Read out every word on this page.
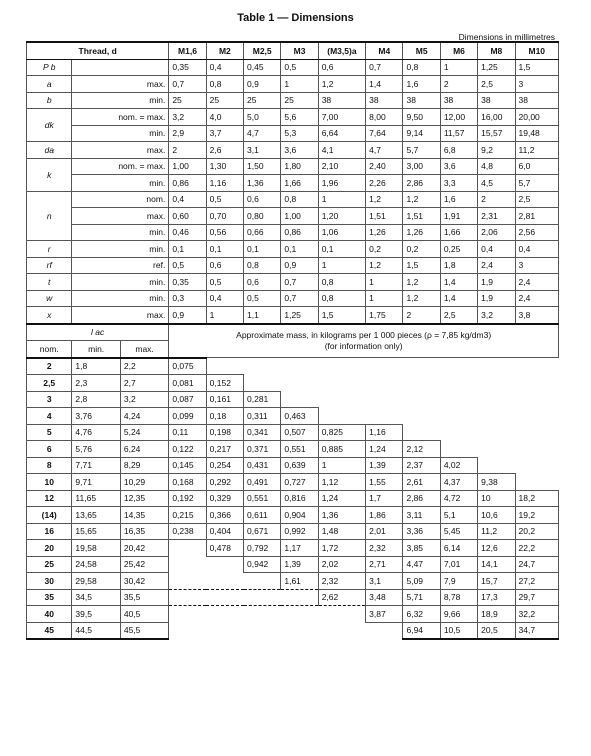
Table 1 — Dimensions
Dimensions in millimetres
Thread, d			M1,6	M2	M2,5	M3	(M3,5)a	M4	M5	M6	M8	M10
P b			0,35	0,4	0,45	0,5	0,6	0,7	0,8	1	1,25	1,5
a	max.		0,7	0,8	0,9	1	1,2	1,4	1,6	2	2,5	3
b	min.		25	25	25	25	38	38	38	38	38	38
dk	nom. = max.		3,2	4,0	5,0	5,6	7,00	8,00	9,50	12,00	16,00	20,00
	min.		2,9	3,7	4,7	5,3	6,64	7,64	9,14	11,57	15,57	19,48
da	max.		2	2,6	3,1	3,6	4,1	4,7	5,7	6,8	9,2	11,2
k	nom. = max.		1,00	1,30	1,50	1,80	2,10	2,40	3,00	3,6	4,8	6,0
	min.		0,86	1,16	1,36	1,66	1,96	2,26	2,86	3,3	4,5	5,7
n	nom.		0,4	0,5	0,6	0,8	1	1,2	1,2	1,6	2	2,5
	max.		0,60	0,70	0,80	1,00	1,20	1,51	1,51	1,91	2,31	2,81
	min.		0,46	0,56	0,66	0,86	1,06	1,26	1,26	1,66	2,06	2,56
r	min.		0,1	0,1	0,1	0,1	0,1	0,2	0,2	0,25	0,4	0,4
rf	ref.		0,5	0,6	0,8	0,9	1	1,2	1,5	1,8	2,4	3
t	min.		0,35	0,5	0,6	0,7	0,8	1	1,2	1,4	1,9	2,4
w	min.		0,3	0,4	0,5	0,7	0,8	1	1,2	1,4	1,9	2,4
x	max.		0,9	1	1,1	1,25	1,5	1,75	2	2,5	3,2	3,8
l ac			Approximate mass, in kilograms per 1 000 pieces (ρ = 7,85 kg/dm3)
(for information only)									

nom.	min.	max.										
2	1,8	2,2	0,075									
2,5	2,3	2,7	0,081	0,152								
3	2,8	3,2	0,087	0,161	0,281							
4	3,76	4,24	0,099	0,18	0,311	0,463						
5	4,76	5,24	0,11	0,198	0,341	0,507	0,825	1,16				
6	5,76	6,24	0,122	0,217	0,371	0,551	0,885	1,24	2,12			
8	7,71	8,29	0,145	0,254	0,431	0,639	1	1,39	2,37	4,02		
10	9,71	10,29	0,168	0,292	0,491	0,727	1,12	1,55	2,61	4,37	9,38	
12	11,65	12,35	0,192	0,329	0,551	0,816	1,24	1,7	2,86	4,72	10	18,2
(14)	13,65	14,35	0,215	0,366	0,611	0,904	1,36	1,86	3,11	5,1	10,6	19,2
16	15,65	16,35	0,238	0,404	0,671	0,992	1,48	2,01	3,36	5,45	11,2	20,2
20	19,58	20,42		0,478	0,792	1,17	1,72	2,32	3,85	6,14	12,6	22,2
25	24,58	25,42			0,942	1,39	2,02	2,71	4,47	7,01	14,1	24,7
30	29,58	30,42				1,61	2,32	3,1	5,09	7,9	15,7	27,2
35	34,5	35,5					2,62	3,48	5,71	8,78	17,3	29,7
40	39,5	40,5						3,87	6,32	9,66	18,9	32,2
45	44,5	45,5							6,94	10,5	20,5	34,7
